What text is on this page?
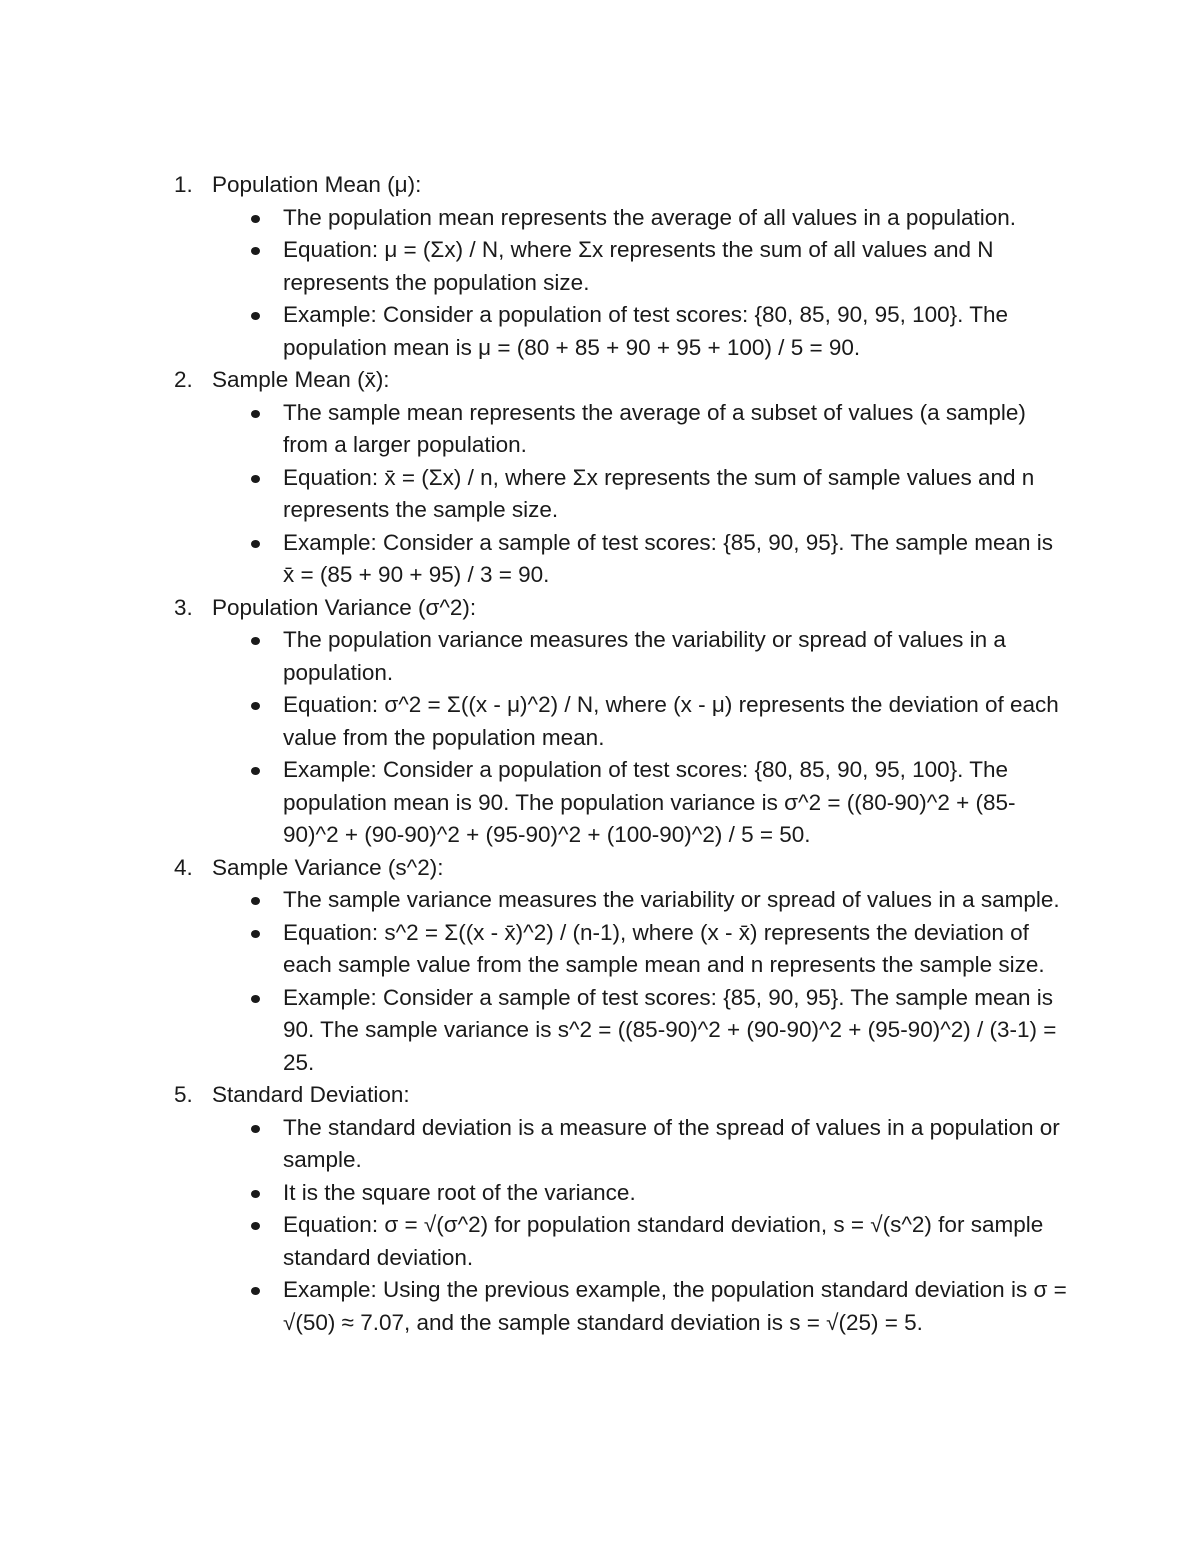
1. Population Mean (μ):
The population mean represents the average of all values in a population.
Equation: μ = (Σx) / N, where Σx represents the sum of all values and N represents the population size.
Example: Consider a population of test scores: {80, 85, 90, 95, 100}. The population mean is μ = (80 + 85 + 90 + 95 + 100) / 5 = 90.
2. Sample Mean (x̄):
The sample mean represents the average of a subset of values (a sample) from a larger population.
Equation: x̄ = (Σx) / n, where Σx represents the sum of sample values and n represents the sample size.
Example: Consider a sample of test scores: {85, 90, 95}. The sample mean is x̄ = (85 + 90 + 95) / 3 = 90.
3. Population Variance (σ^2):
The population variance measures the variability or spread of values in a population.
Equation: σ^2 = Σ((x - μ)^2) / N, where (x - μ) represents the deviation of each value from the population mean.
Example: Consider a population of test scores: {80, 85, 90, 95, 100}. The population mean is 90. The population variance is σ^2 = ((80-90)^2 + (85-90)^2 + (90-90)^2 + (95-90)^2 + (100-90)^2) / 5 = 50.
4. Sample Variance (s^2):
The sample variance measures the variability or spread of values in a sample.
Equation: s^2 = Σ((x - x̄)^2) / (n-1), where (x - x̄) represents the deviation of each sample value from the sample mean and n represents the sample size.
Example: Consider a sample of test scores: {85, 90, 95}. The sample mean is 90. The sample variance is s^2 = ((85-90)^2 + (90-90)^2 + (95-90)^2) / (3-1) = 25.
5. Standard Deviation:
The standard deviation is a measure of the spread of values in a population or sample.
It is the square root of the variance.
Equation: σ = √(σ^2) for population standard deviation, s = √(s^2) for sample standard deviation.
Example: Using the previous example, the population standard deviation is σ = √(50) ≈ 7.07, and the sample standard deviation is s = √(25) = 5.
